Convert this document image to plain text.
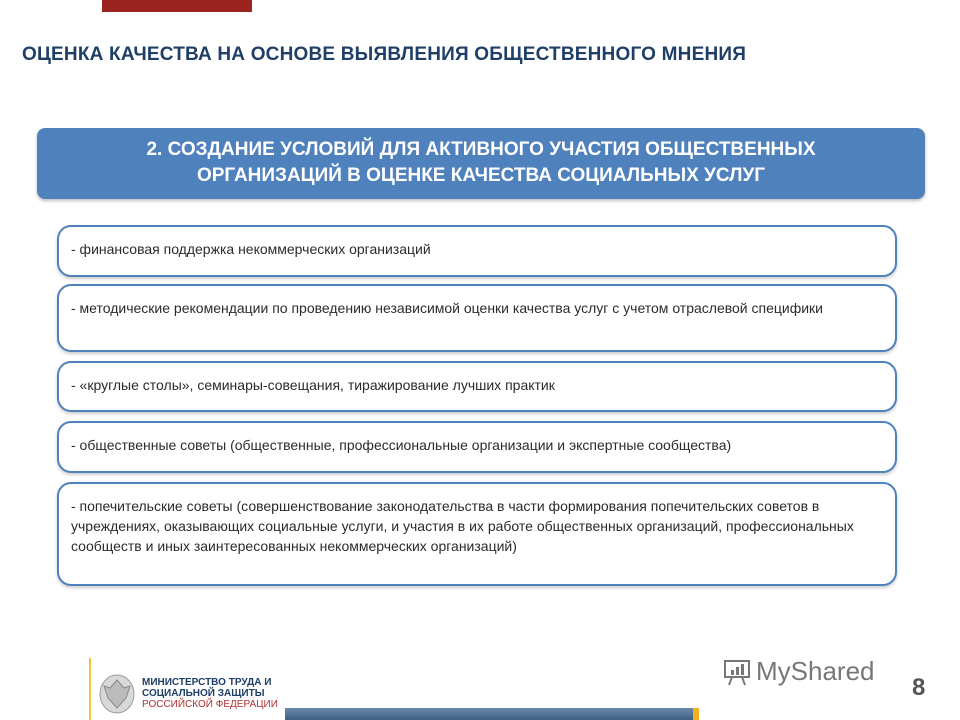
ОЦЕНКА КАЧЕСТВА НА ОСНОВЕ ВЫЯВЛЕНИЯ ОБЩЕСТВЕННОГО МНЕНИЯ
2. СОЗДАНИЕ УСЛОВИЙ ДЛЯ АКТИВНОГО УЧАСТИЯ ОБЩЕСТВЕННЫХ
ОРГАНИЗАЦИЙ В ОЦЕНКЕ КАЧЕСТВА СОЦИАЛЬНЫХ УСЛУГ
- финансовая поддержка некоммерческих организаций
- методические рекомендации по проведению независимой оценки качества услуг с учетом отраслевой специфики
- «круглые столы», семинары-совещания, тиражирование лучших практик
- общественные советы (общественные, профессиональные организации и экспертные сообщества)
- попечительские советы (совершенствование законодательства в части формирования попечительских советов в учреждениях, оказывающих социальные услуги, и участия в их работе общественных организаций, профессиональных сообществ и иных заинтересованных некоммерческих организаций)
МИНИСТЕРСТВО ТРУДА И
СОЦИАЛЬНОЙ ЗАЩИТЫ
РОССИЙСКОЙ ФЕДЕРАЦИИ
MyShared
8
